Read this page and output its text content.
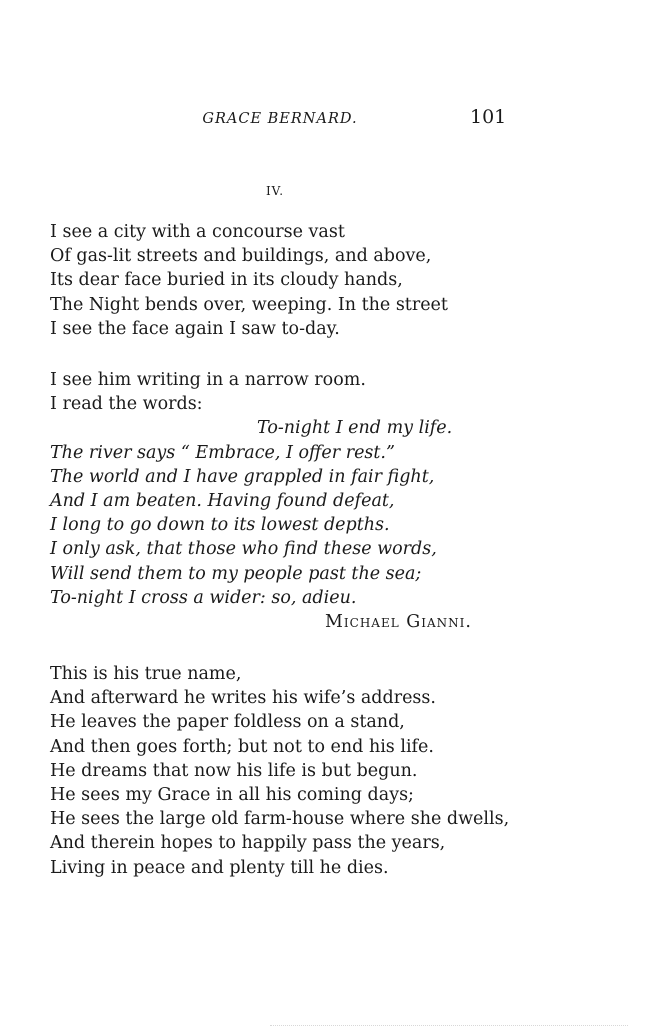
GRACE BERNARD.	101
IV.
I see a city with a concourse vast
Of gas-lit streets and buildings, and above,
Its dear face buried in its cloudy hands,
The Night bends over, weeping. In the street
I see the face again I saw to-day.
I see him writing in a narrow room.
I read the words:
To-night I end my life.
The river says “ Embrace, I offer rest.”
The world and I have grappled in fair fight,
And I am beaten. Having found defeat,
I long to go down to its lowest depths.
I only ask, that those who find these words,
Will send them to my people past the sea;
To-night I cross a wider: so, adieu.
Michael Gianni.
This is his true name,
And afterward he writes his wife’s address.
He leaves the paper foldless on a stand,
And then goes forth; but not to end his life.
He dreams that now his life is but begun.
He sees my Grace in all his coming days;
He sees the large old farm-house where she dwells,
And therein hopes to happily pass the years,
Living in peace and plenty till he dies.
